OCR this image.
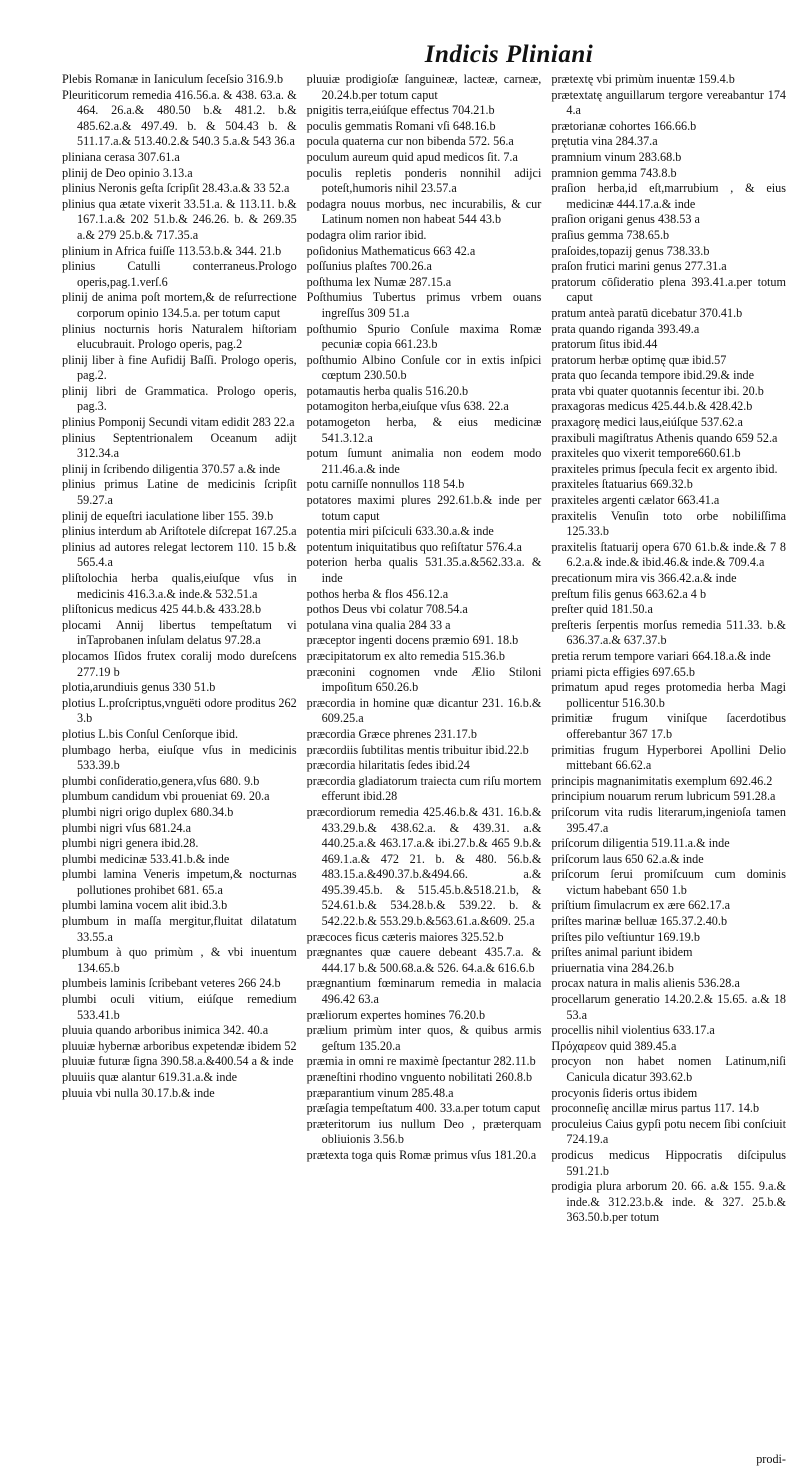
Indicis Pliniani

Plebis Romanæ in Ianiculum ſeceſsio 316.9.b

Pleuriticorum remedia 416.56.a. & 438. 63.a. & 464. 26.a.& 480.50 b.& 481.2. b.& 485.62.a.& 497.49. b. & 504.43 b. & 511.17.a.& 513.40.2.& 540.3 5.a.& 543 36.a

pliniana cerasa 307.61.a

plinij de Deo opinio 3.13.a

plinius Neronis geſta ſcripſit 28.43.a.& 33 52.a

plinius qua ætate vixerit 33.51.a. & 113.11. b.& 167.1.a.& 202 51.b.& 246.26. b. & 269.35 a.& 279 25.b.& 717.35.a

plinium in Africa fuiſſe 113.53.b.& 344. 21.b

plinius Catulli conterraneus.Prologo operis,pag.1.verſ.6

plinij de anima poſt mortem,& de reſurrectione corporum opinio 134.5.a. per totum caput

plinius nocturnis horis Naturalem hiſtoriam elucubrauit. Prologo operis, pag.2

plinij liber à fine Aufidij Baſſi. Prologo operis, pag.2.

plinij libri de Grammatica. Prologo operis, pag.3.

plinius Pomponij Secundi vitam edidit 283 22.a

plinius Septentrionalem Oceanum adijt 312.34.a

plinij in ſcribendo diligentia 370.57 a.& inde

plinius primus Latine de medicinis ſcripſit 59.27.a

plinij de equeſtri iaculatione liber 155. 39.b

plinius interdum ab Ariſtotele diſcrepat 167.25.a

plinius ad autores relegat lectorem 110. 15 b.& 565.4.a

pliſtolochia herba qualis,eiuſque vſus in medicinis 416.3.a.& inde.& 532.51.a

pliſtonicus medicus 425 44.b.& 433.28.b

plocami Annij libertus tempeſtatum vi inTaprobanen inſulam delatus 97.28.a

plocamos Iſidos frutex coralij modo dureſcens 277.19 b

plotia,arundiuis genus 330 51.b

plotius L.proſcriptus,vnguëti odore proditus 262 3.b

plotius L.bis Conſul Cenſorque ibid.

plumbago herba, eiuſque vſus in medicinis 533.39.b

plumbi conſideratio,genera,vſus 680. 9.b

plumbum candidum vbi proueniat 69. 20.a

plumbi nigri origo duplex 680.34.b

plumbi nigri vſus 681.24.a

plumbi nigri genera ibid.28.

plumbi medicinæ 533.41.b.& inde

plumbi lamina Veneris impetum,& nocturnas pollutiones prohibet 681. 65.a

plumbi lamina vocem alit ibid.3.b

plumbum in maſſa mergitur,fluitat dilatatum 33.55.a

plumbum à quo primùm , & vbi inuentum 134.65.b

plumbeis laminis ſcribebant veteres 266 24.b

plumbi oculi vitium, eiúſque remedium 533.41.b

pluuia quando arboribus inimica 342. 40.a

pluuiæ hybernæ arboribus expetendæ ibidem 52

pluuiæ futuræ ſigna 390.58.a.&400.54 a & inde

pluuiis quæ alantur 619.31.a.& inde

pluuia vbi nulla 30.17.b.& inde

pluuiæ prodigioſæ ſanguineæ, lacteæ, carneæ, 20.24.b.per totum caput

pnigitis terra,eiúſque effectus 704.21.b

poculis gemmatis Romani vſi 648.16.b

pocula quaterna cur non bibenda 572. 56.a

poculum aureum quid apud medicos ſit. 7.a

poculis repletis ponderis nonnihil adijci poteſt,humoris nihil 23.57.a

podagra nouus morbus, nec incurabilis, & cur Latinum nomen non habeat 544 43.b

podagra olim rarior ibid.

poſidonius Mathematicus 663 42.a

poſſunius plaſtes 700.26.a

poſthuma lex Numæ 287.15.a

Poſthumius Tubertus primus vrbem ouans ingreſſus 309 51.a

poſthumio Spurio Conſule maxima Romæ pecuniæ copia 661.23.b

poſthumio Albino Conſule cor in extis inſpici cœptum 230.50.b

potamautis herba qualis 516.20.b

potamogiton herba,eiuſque vſus 638. 22.a

potamogeton herba, & eius medicinæ 541.3.12.a

potum ſumunt animalia non eodem modo 211.46.a.& inde

potu carniſſe nonnullos 118 54.b

potatores maximi plures 292.61.b.& inde per totum caput

potentia miri piſciculi 633.30.a.& inde

potentum iniquitatibus quo reſiſtatur 576.4.a

poterion herba qualis 531.35.a.&562.33.a. & inde

pothos herba & flos 456.12.a

pothos Deus vbi colatur 708.54.a

potulana vina qualia 284 33 a

præceptor ingenti docens præmio 691. 18.b

præcipitatorum ex alto remedia 515.36.b

præconini cognomen vnde Ælio Stiloni impoſitum 650.26.b

præcordia in homine quæ dicantur 231. 16.b.& 609.25.a

præcordia Græce phrenes 231.17.b

præcordiis ſubtilitas mentis tribuitur ibid.22.b

præcordia hilaritatis ſedes ibid.24

præcordia gladiatorum traiecta cum riſu mortem efferunt ibid.28

præcordiorum remedia 425.46.b.& 431. 16.b.& 433.29.b.& 438.62.a. & 439.31. a.& 440.25.a.& 463.17.a.& ibi.27.b.& 465 9.b.& 469.1.a.& 472 21. b. & 480. 56.b.& 483.15.a.&490.37.b.&494.66. a.& 495.39.45.b. & 515.45.b.&518.21.b, & 524.61.b.& 534.28.b.& 539.22. b. & 542.22.b.& 553.29.b.&563.61.a.&609. 25.a

præcoces ficus cæteris maiores 325.52.b

prægnantes quæ cauere debeant 435.7.a. & 444.17 b.& 500.68.a.& 526. 64.a.& 616.6.b

prægnantium fœminarum remedia in malacia 496.42 63.a

præliorum expertes homines 76.20.b

prælium primùm inter quos, & quibus armis geſtum 135.20.a

præmia in omni re maximè ſpectantur 282.11.b

præneſtini rhodino vnguento nobilitati 260.8.b

præparantium vinum 285.48.a

præſagia tempeſtatum 400. 33.a.per totum caput

præteritorum ius nullum Deo , præterquam obliuionis 3.56.b

prætexta toga quis Romæ primus vſus 181.20.a

prætextę vbi primùm inuentæ 159.4.b

prætextatę anguillarum tergore vereabantur 174 4.a

prætorianæ cohortes 166.66.b

prętutia vina 284.37.a

pramnium vinum 283.68.b

pramnion gemma 743.8.b

praſion herba,id eſt,marrubium , & eius medicinæ 444.17.a.& inde

praſion origani genus 438.53 a

praſius gemma 738.65.b

praſoides,topazij genus 738.33.b

praſon frutici marini genus 277.31.a

pratorum cōſideratio plena 393.41.a.per totum caput

pratum anteà paratū dicebatur 370.41.b

prata quando riganda 393.49.a

pratorum ſitus ibid.44

pratorum herbæ optimę quæ ibid.57

prata quo ſecanda tempore ibid.29.& inde

prata vbi quater quotannis ſecentur ibi. 20.b

praxagoras medicus 425.44.b.& 428.42.b

praxagorę medici laus,eiúſque 537.62.a

praxibuli magiſtratus Athenis quando 659 52.a

praxiteles quo vixerit tempore660.61.b

praxiteles primus ſpecula fecit ex argento ibid.

praxiteles ſtatuarius 669.32.b

praxiteles argenti cælator 663.41.a

praxitelis Venuſin toto orbe nobiliſſima 125.33.b

praxitelis ſtatuarij opera 670 61.b.& inde.& 7 8 6.2.a.& inde.& ibid.46.& inde.& 709.4.a

precationum mira vis 366.42.a.& inde

preſtum filis genus 663.62.a 4 b

preſter quid 181.50.a

preſteris ſerpentis morſus remedia 511.33. b.& 636.37.a.& 637.37.b

pretia rerum tempore variari 664.18.a.& inde

priami picta effigies 697.65.b

primatum apud reges protomedia herba Magi pollicentur 516.30.b

primitiæ frugum viniſque ſacerdotibus offerebantur 367 17.b

primitias frugum Hyperborei Apollini Delio mittebant 66.62.a

principis magnanimitatis exemplum 692.46.2

principium nouarum rerum lubricum 591.28.a

priſcorum vita rudis literarum,ingenioſa tamen 395.47.a

priſcorum diligentia 519.11.a.& inde

priſcorum laus 650 62.a.& inde

priſcorum ſerui promiſcuum cum dominis victum habebant 650 1.b

priſtium ſimulacrum ex ære 662.17.a

priſtes marinæ belluæ 165.37.2.40.b

priſtes pilo veſtiuntur 169.19.b

priſtes animal pariunt ibidem

priuernatia vina 284.26.b

procax natura in malis alienis 536.28.a

procellarum generatio 14.20.2.& 15.65. a.& 18 53.a

procellis nihil violentius 633.17.a

Πρόχαρεον quid 389.45.a

procyon non habet nomen Latinum,niſi Canicula dicatur 393.62.b

procyonis ſideris ortus ibidem

proconneſię ancillæ mirus partus 117. 14.b

proculeius Caius gypſi potu necem ſibi conſciuit 724.19.a

prodicus medicus Hippocratis diſcipulus 591.21.b

prodigia plura arborum 20. 66. a.& 155. 9.a.& inde.& 312.23.b.& inde. & 327. 25.b.& 363.50.b.per totum

prodi-
